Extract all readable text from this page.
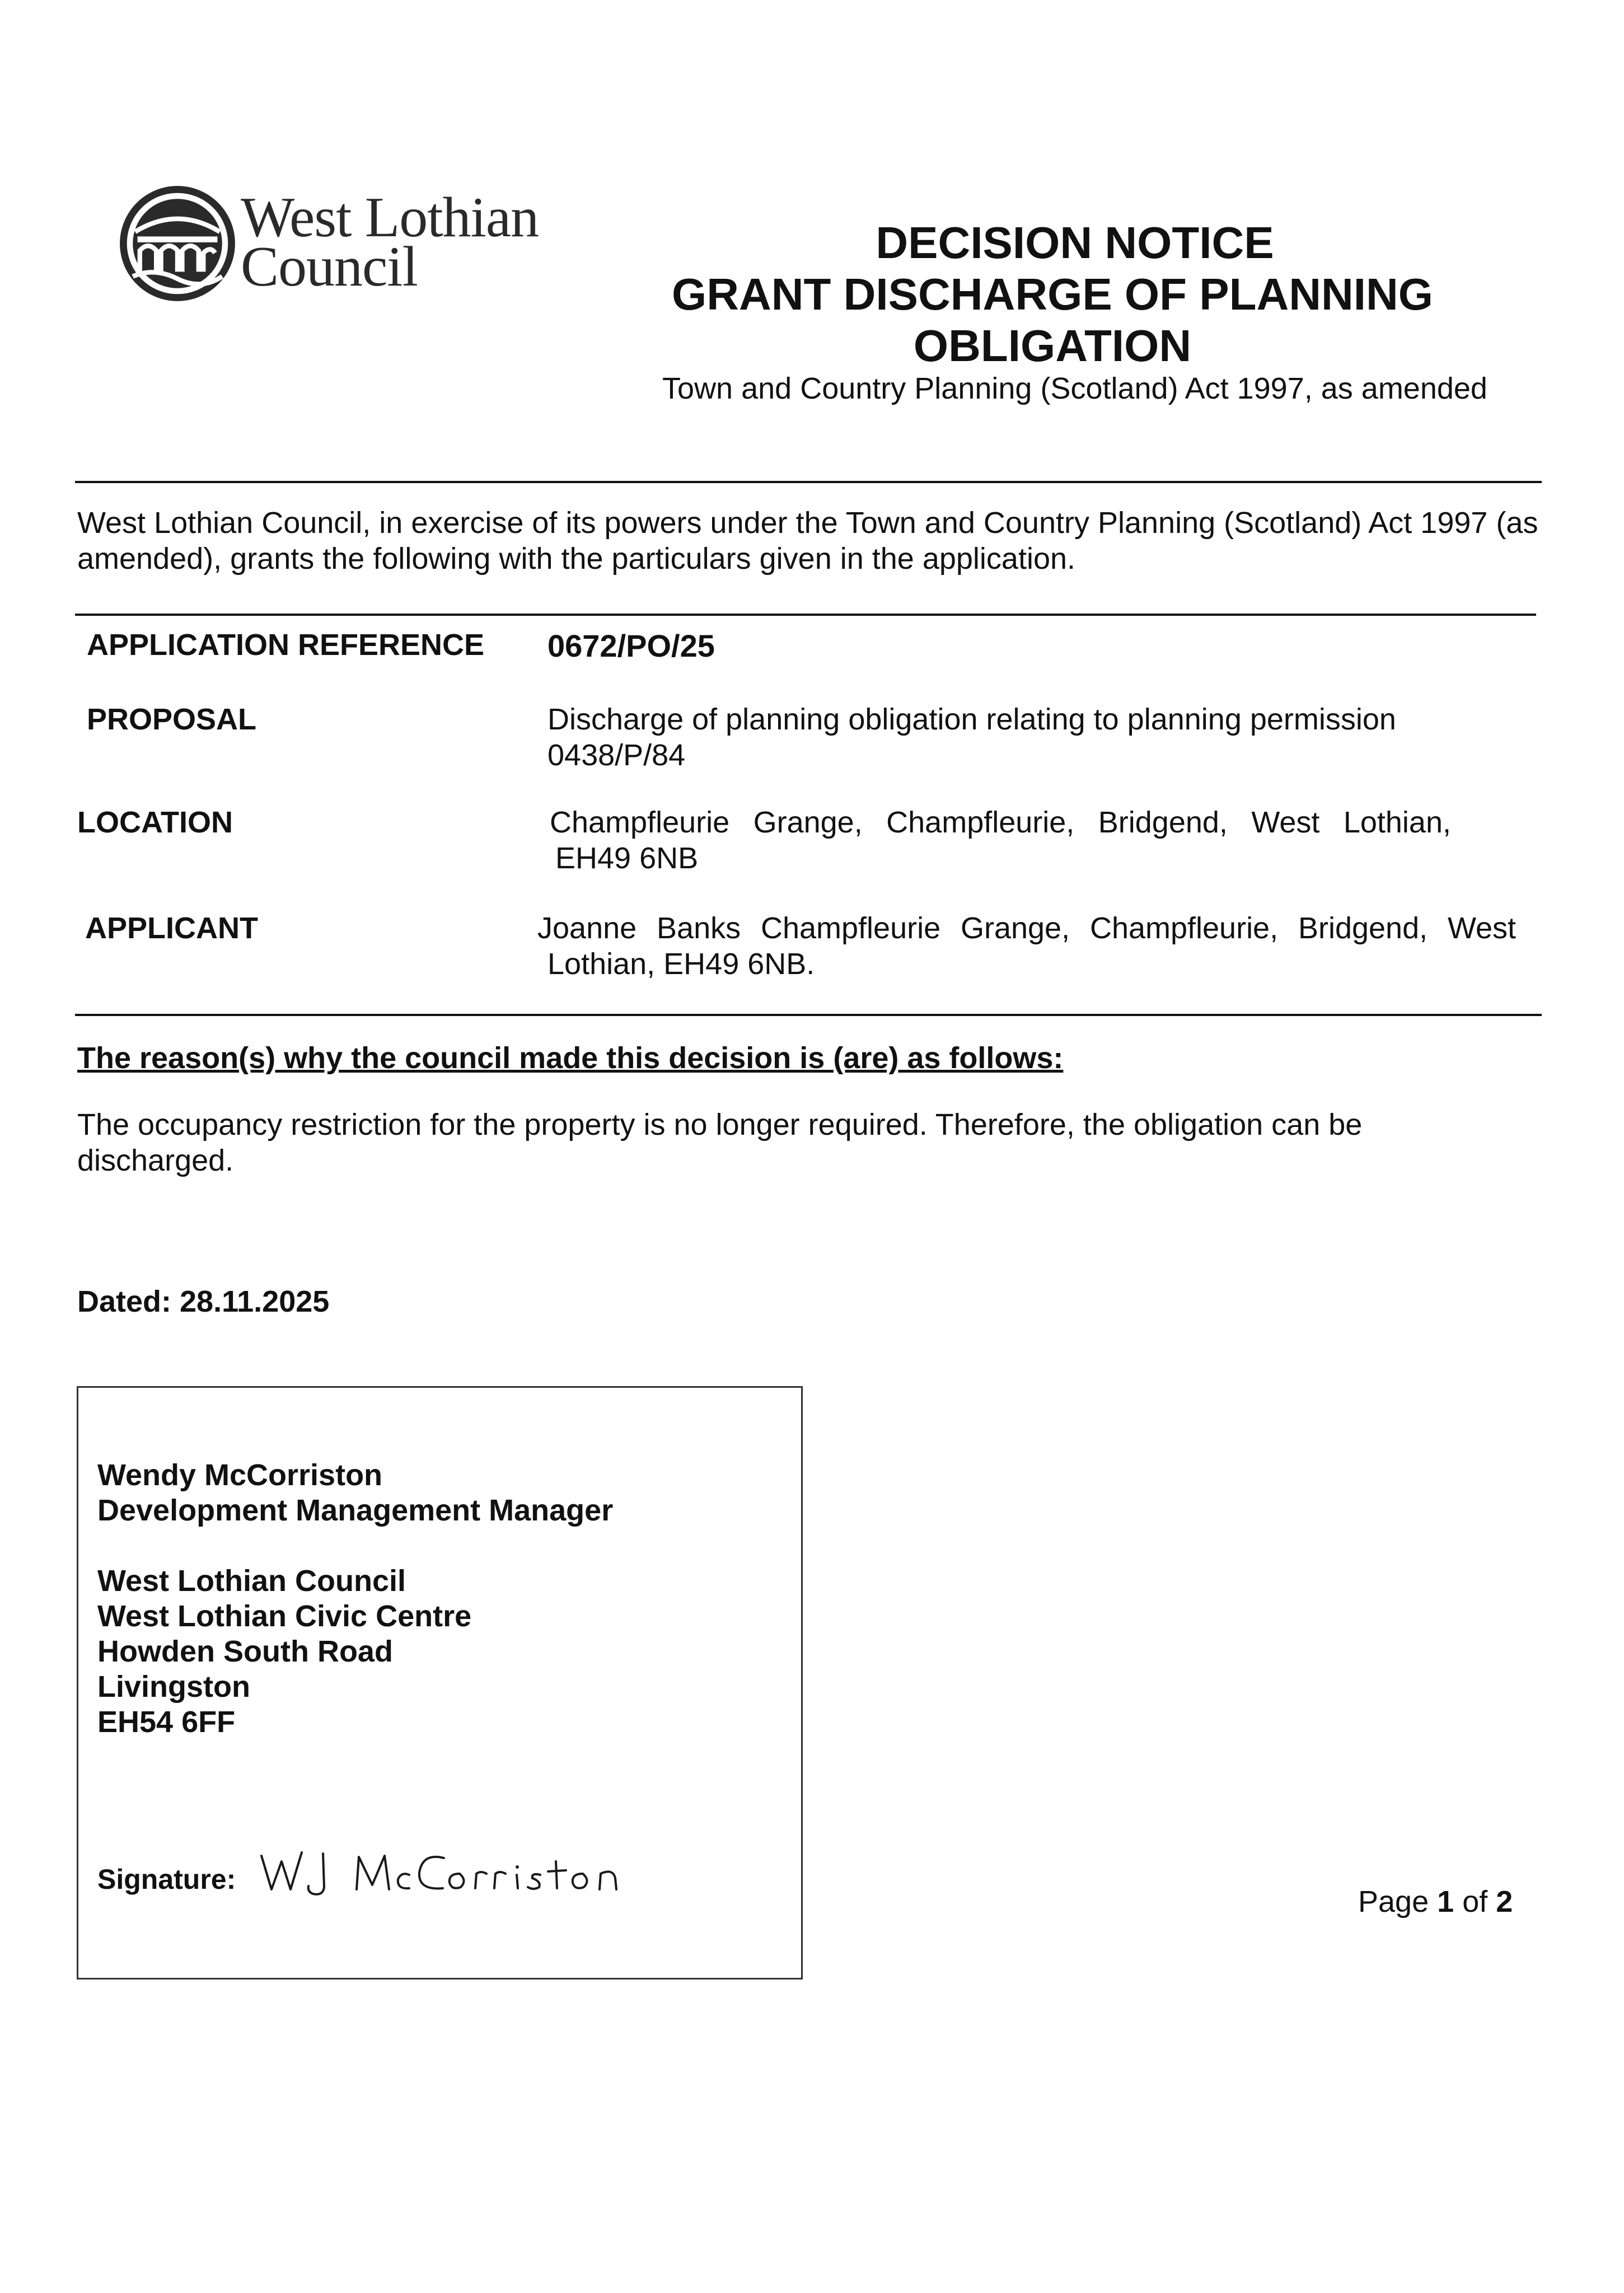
West Lothian
Council	DECISION NOTICE
GRANT DISCHARGE OF PLANNING
OBLIGATION
Town and Country Planning (Scotland) Act 1997, as amended
West Lothian Council, in exercise of its powers under the Town and Country Planning (Scotland) Act 1997 (as amended), grants the following with the particulars given in the application.
APPLICATION REFERENCE 0672/PO/25
PROPOSAL	Discharge of planning obligation relating to planning permission 0438/P/84
LOCATION	Champfleurie Grange, Champfleurie, Bridgend, West Lothian,
EH49 6NB
APPLICANT	Joanne Banks Champfleurie Grange, Champfleurie, Bridgend, West
Lothian, EH49 6NB.
The reason(s) why the council made this decision is (are) as follows:
The occupancy restriction for the property is no longer required. Therefore, the obligation can be discharged.
Dated: 28.11.2025
Wendy McCorriston
Development Management Manager
West Lothian Council
West Lothian Civic Centre
Howden South Road
Livingston
EH54 6FF
Signature:
Page 1 of 2
